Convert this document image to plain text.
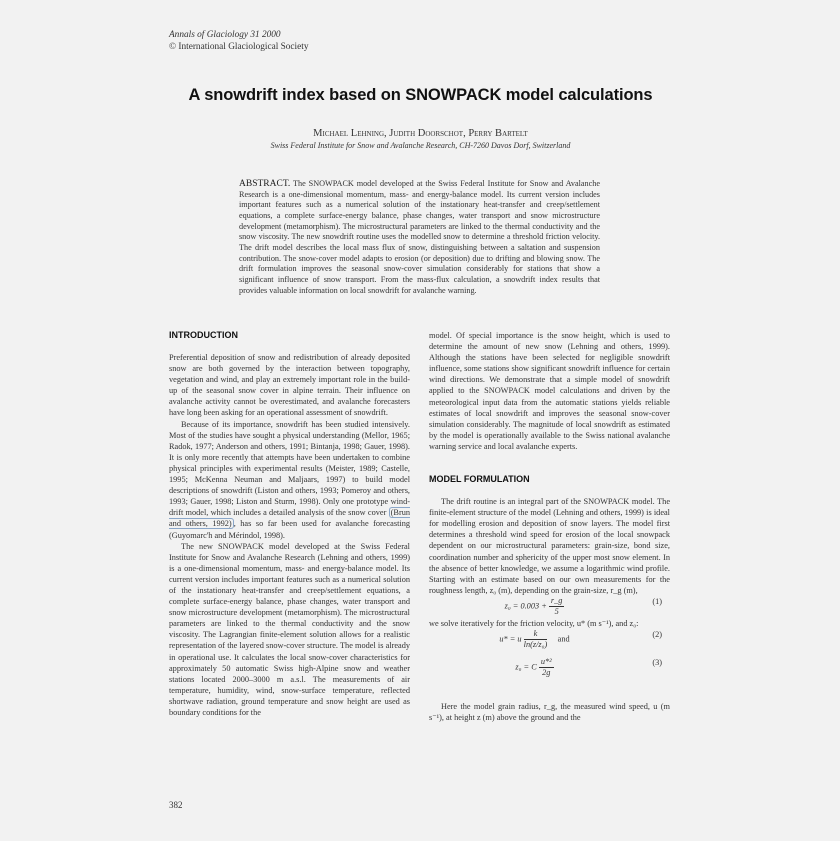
Annals of Glaciology 31 2000
© International Glaciological Society
A snowdrift index based on SNOWPACK model calculations
Michael Lehning, Judith Doorschot, Perry Bartelt
Swiss Federal Institute for Snow and Avalanche Research, CH-7260 Davos Dorf, Switzerland
ABSTRACT. The SNOWPACK model developed at the Swiss Federal Institute for Snow and Avalanche Research is a one-dimensional momentum, mass- and energy-balance model. Its current version includes important features such as a numerical solution of the instationary heat-transfer and creep/settlement equations, a complete surface-energy balance, phase changes, water transport and snow microstructure development (metamorphism). The microstructural parameters are linked to the thermal conductivity and the snow viscosity. The new snowdrift routine uses the modelled snow to determine a threshold friction velocity. The drift model describes the local mass flux of snow, distinguishing between a saltation and suspension contribution. The snow-cover model adapts to erosion (or deposition) due to drifting and blowing snow. The drift formulation improves the seasonal snow-cover simulation considerably for stations that show a significant influence of snow transport. From the mass-flux calculation, a snowdrift index results that provides valuable information on local snowdrift for avalanche warning.
INTRODUCTION

Preferential deposition of snow and redistribution of already deposited snow are both governed by the interaction between topography, vegetation and wind, and play an extremely important role in the build-up of the seasonal snow cover in alpine terrain. Their influence on avalanche activity cannot be overestimated, and avalanche forecasters have long been asking for an operational assessment of snowdrift.

Because of its importance, snowdrift has been studied intensively. Most of the studies have sought a physical understanding (Mellor, 1965; Radok, 1977; Anderson and others, 1991; Bintanja, 1998; Gauer, 1998). It is only more recently that attempts have been undertaken to combine physical principles with experimental results (Meister, 1989; Castelle, 1995; McKenna Neuman and Maljaars, 1997) to build model descriptions of snowdrift (Liston and others, 1993; Pomeroy and others, 1993; Gauer, 1998; Liston and Sturm, 1998). Only one prototype wind-drift model, which includes a detailed analysis of the snow cover (Brun and others, 1992) , has so far been used for avalanche forecasting (Guyomarc'h and Mérindol, 1998).

The new SNOWPACK model developed at the Swiss Federal Institute for Snow and Avalanche Research (Lehning and others, 1999) is a one-dimensional momentum, mass- and energy-balance model. Its current version includes important features such as a numerical solution of the instationary heat-transfer and creep/settlement equations, a complete surface-energy balance, phase changes, water transport and snow microstructure development (metamorphism). The microstructural parameters are linked to the thermal conductivity and the snow viscosity. The Lagrangian finite-element solution allows for a realistic representation of the layered snow-cover structure. The model is already in operational use. It calculates the local snow-cover characteristics for approximately 50 automatic Swiss high-Alpine snow and weather stations located 2000–3000 m a.s.l. The measurements of air temperature, humidity, wind, snow-surface temperature, reflected shortwave radiation, ground temperature and snow height are used as boundary conditions for the

model. Of special importance is the snow height, which is used to determine the amount of new snow (Lehning and others, 1999). Although the stations have been selected for negligible snowdrift influence, some stations show significant snowdrift influence for certain wind directions. We demonstrate that a simple model of snowdrift applied to the SNOWPACK model calculations and driven by the meteorological input data from the automatic stations yields reliable estimates of local snowdrift and improves the seasonal snow-cover simulation considerably. The magnitude of local snowdrift as estimated by the model is operationally available to the Swiss national avalanche warning service and local avalanche experts.

MODEL FORMULATION

The drift routine is an integral part of the SNOWPACK model. The finite-element structure of the model (Lehning and others, 1999) is ideal for modelling erosion and deposition of snow layers. The model first determines a threshold wind speed for erosion of the local snowpack dependent on our microstructural parameters: grain-size, bond size, coordination number and sphericity of the upper most snow element. In the absence of better knowledge, we assume a logarithmic wind profile. Starting with an estimate based on our own measurements for the roughness length, z₀ (m), depending on the grain-size, r_g (m),

$z_0 = 0.003 + \frac{r\_g}{5}$	(1)

we solve iteratively for the friction velocity, u* (m s⁻¹), and z₀:

u* = u $\frac{k}{\text{ln(z/z₀)}}$ and	(2)
z₀ = C $\frac{\text{u*²}}{2g}$	(3)

Here the model grain radius, r_g, the measured wind speed, u (m s⁻¹), at height z (m) above the ground and the

382
